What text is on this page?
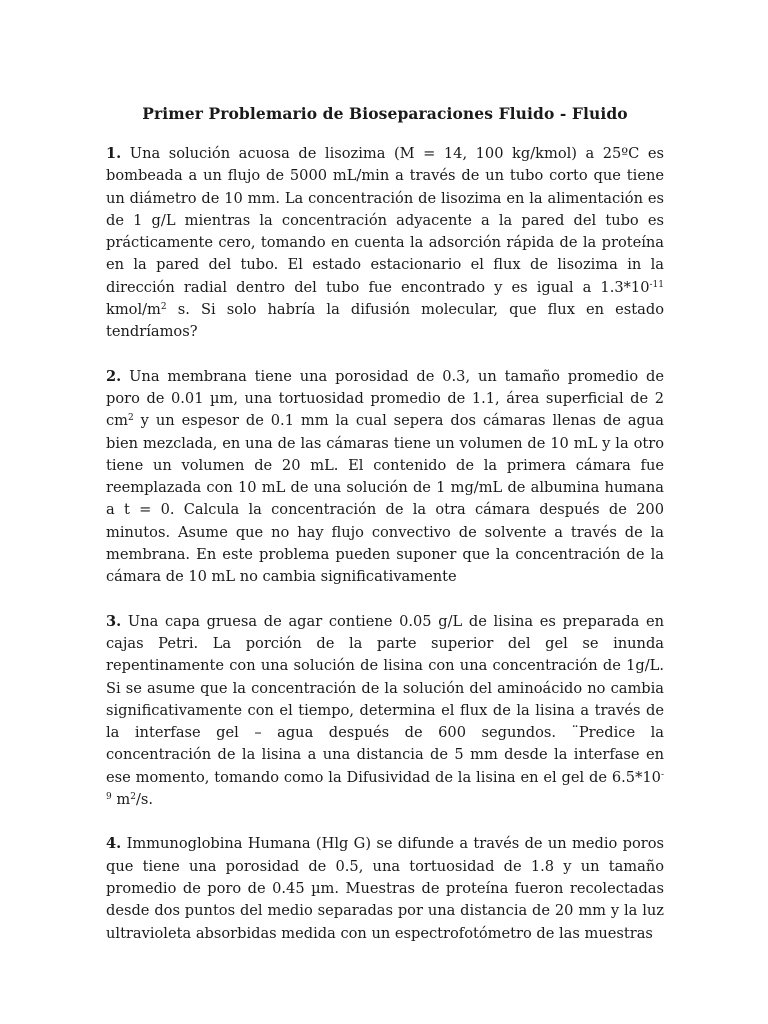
Primer Problemario de Bioseparaciones Fluido - Fluido

1. Una solución acuosa de lisozima (M = 14, 100 kg/kmol) a 25ºC es bombeada a un flujo de 5000 mL/min a través de un tubo corto que tiene un diámetro de 10 mm. La concentración de lisozima en la alimentación es de 1 g/L mientras la concentración adyacente a la pared del tubo es prácticamente cero, tomando en cuenta la adsorción rápida de la proteína en la pared del tubo. El estado estacionario el flux de lisozima in la dirección radial dentro del tubo fue encontrado y es igual a $1.3*10^{-11}$ kmol/$m^2$ s. Si solo habría la difusión molecular, que flux en estado tendríamos?

2. Una membrana tiene una porosidad de 0.3, un tamaño promedio de poro de 0.01 µm, una tortuosidad promedio de 1.1, área superficial de 2 $cm^2$ y un espesor de 0.1 mm la cual sepera dos cámaras llenas de agua bien mezclada, en una de las cámaras tiene un volumen de 10 mL y la otro tiene un volumen de 20 mL. El contenido de la primera cámara fue reemplazada con 10 mL de una solución de 1 mg/mL de albumina humana a t = 0. Calcula la concentración de la otra cámara después de 200 minutos. Asume que no hay flujo convectivo de solvente a través de la membrana. En este problema pueden suponer que la concentración de la cámara de 10 mL no cambia significativamente

3. Una capa gruesa de agar contiene 0.05 g/L de lisina es preparada en cajas Petri. La porción de la parte superior del gel se inunda repentinamente con una solución de lisina con una concentración de 1g/L. Si se asume que la concentración de la solución del aminoácido no cambia significativamente con el tiempo, determina el flux de la lisina a través de la interfase gel – agua después de 600 segundos. ¨Predice la concentración de la lisina a una distancia de 5 mm desde la interfase en ese momento, tomando como la Difusividad de la lisina en el gel de $6.5*10^{-9}$ $m^2/s$.

4. Immunoglobina Humana (Hlg G) se difunde a través de un medio poros que tiene una porosidad de 0.5, una tortuosidad de 1.8 y un tamaño promedio de poro de 0.45 µm. Muestras de proteína fueron recolectadas desde dos puntos del medio separadas por una distancia de 20 mm y la luz ultravioleta absorbidas medida con un espectrofotómetro de las muestras
